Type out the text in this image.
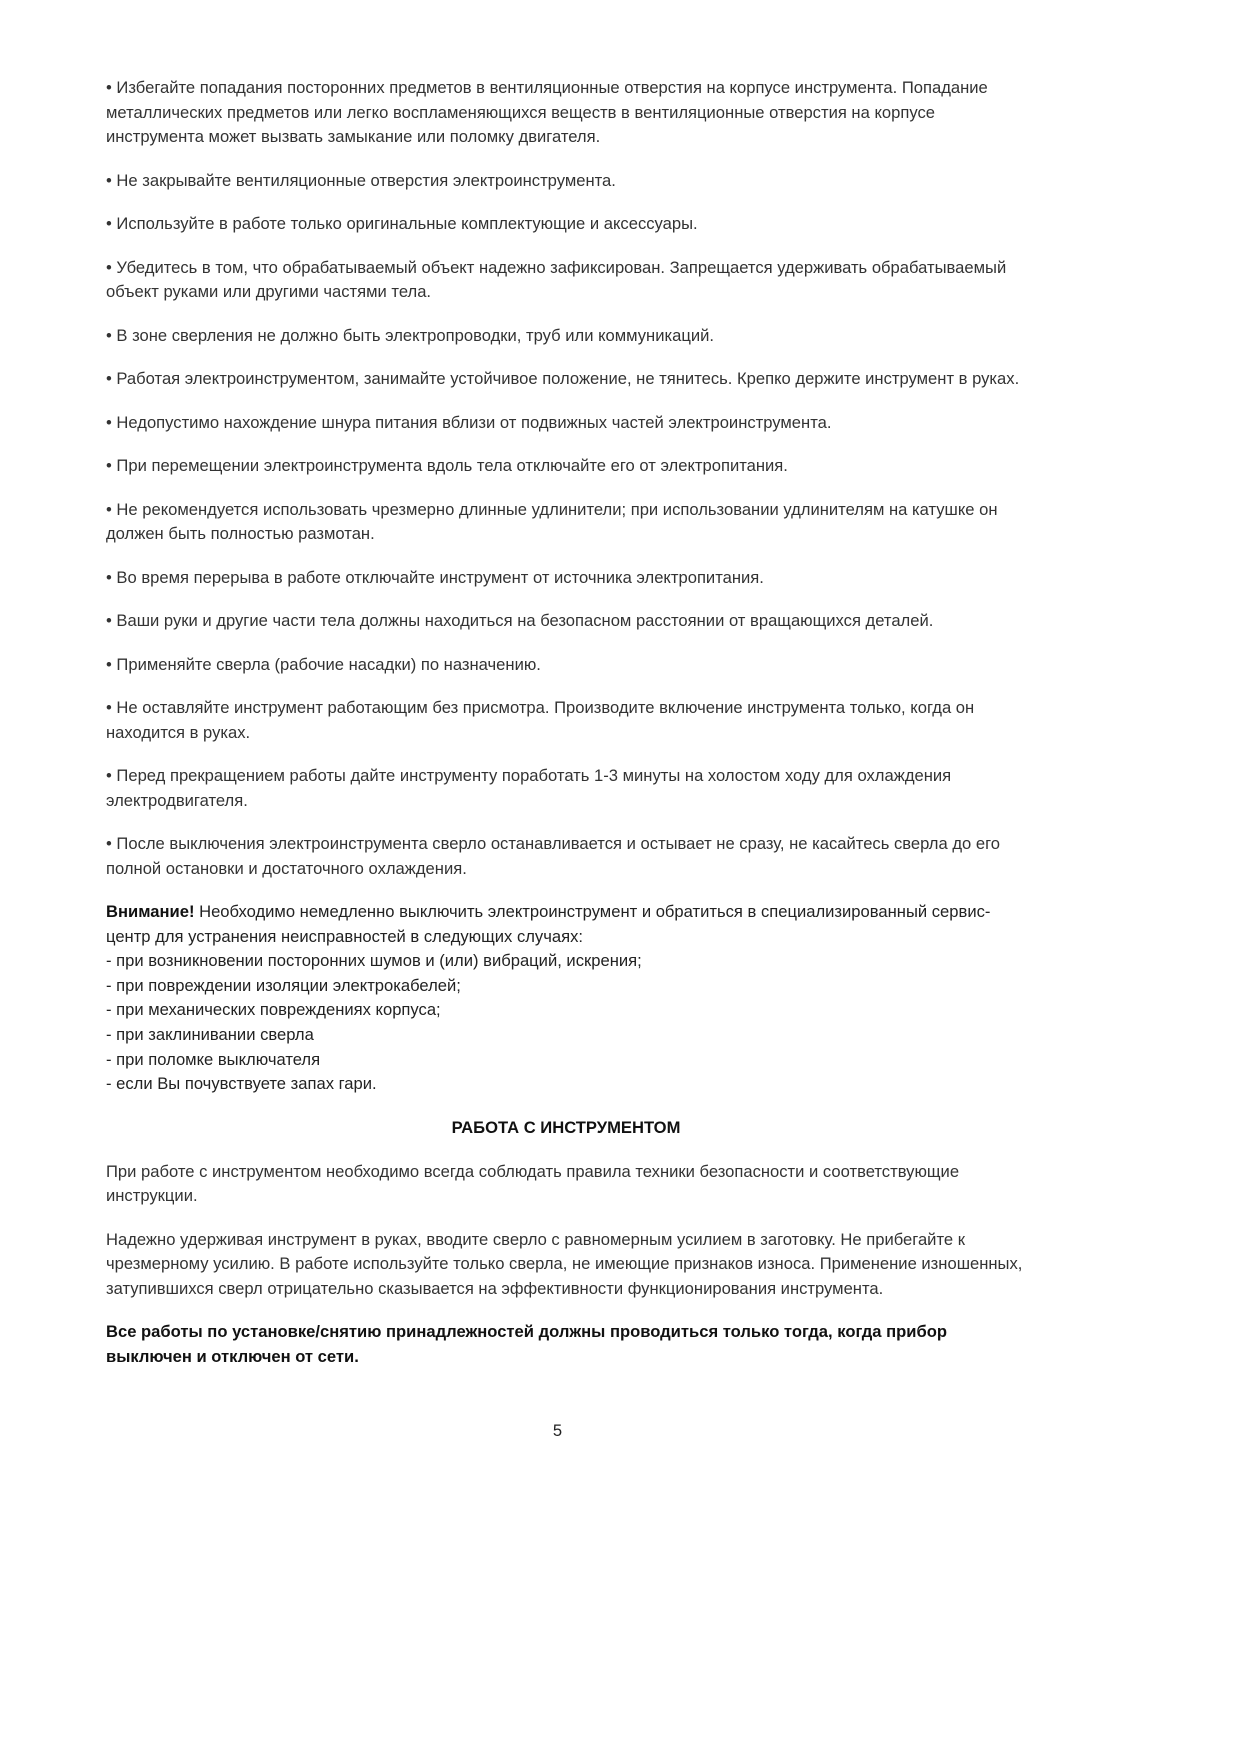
• Избегайте попадания посторонних предметов в вентиляционные отверстия на корпусе инструмента. Попадание металлических предметов или легко воспламеняющихся веществ в вентиляционные отверстия на корпусе инструмента может вызвать замыкание или поломку двигателя.

• Не закрывайте вентиляционные отверстия электроинструмента.

• Используйте в работе только оригинальные комплектующие и аксессуары.

• Убедитесь в том, что обрабатываемый объект надежно зафиксирован. Запрещается удерживать обрабатываемый объект руками или другими частями тела.

• В зоне сверления не должно быть электропроводки, труб или коммуникаций.

• Работая электроинструментом, занимайте устойчивое положение, не тянитесь. Крепко держите инструмент в руках.

• Недопустимо нахождение шнура питания вблизи от подвижных частей электроинструмента.

• При перемещении электроинструмента вдоль тела отключайте его от электропитания.

• Не рекомендуется использовать чрезмерно длинные удлинители; при использовании удлинителям на катушке он должен быть полностью размотан.

• Во время перерыва в работе отключайте инструмент от источника электропитания.

• Ваши руки и другие части тела должны находиться на безопасном расстоянии от вращающихся деталей.

• Применяйте сверла (рабочие насадки) по назначению.

• Не оставляйте инструмент работающим без присмотра. Производите включение инструмента только, когда он находится в руках.

• Перед прекращением работы дайте инструменту поработать 1-3 минуты на холостом ходу для охлаждения электродвигателя.

• После выключения электроинструмента сверло останавливается и остывает не сразу, не касайтесь сверла до его полной остановки и достаточного охлаждения.

Внимание! Необходимо немедленно выключить электроинструмент и обратиться в специализированный сервис-центр для устранения неисправностей в следующих случаях:
- при возникновении посторонних шумов и (или) вибраций, искрения;
- при повреждении изоляции электрокабелей;
- при механических повреждениях корпуса;
- при заклинивании сверла
- при поломке выключателя
- если Вы почувствуете запах гари.
РАБОТА С ИНСТРУМЕНТОМ

При работе с инструментом необходимо всегда соблюдать правила техники безопасности и соответствующие инструкции.

Надежно удерживая инструмент в руках, вводите сверло с равномерным усилием в заготовку. Не прибегайте к чрезмерному усилию. В работе используйте только сверла, не имеющие признаков износа. Применение изношенных, затупившихся сверл отрицательно сказывается на эффективности функционирования инструмента.

Все работы по установке/снятию принадлежностей должны проводиться только тогда, когда прибор выключен и отключен от сети.

5
